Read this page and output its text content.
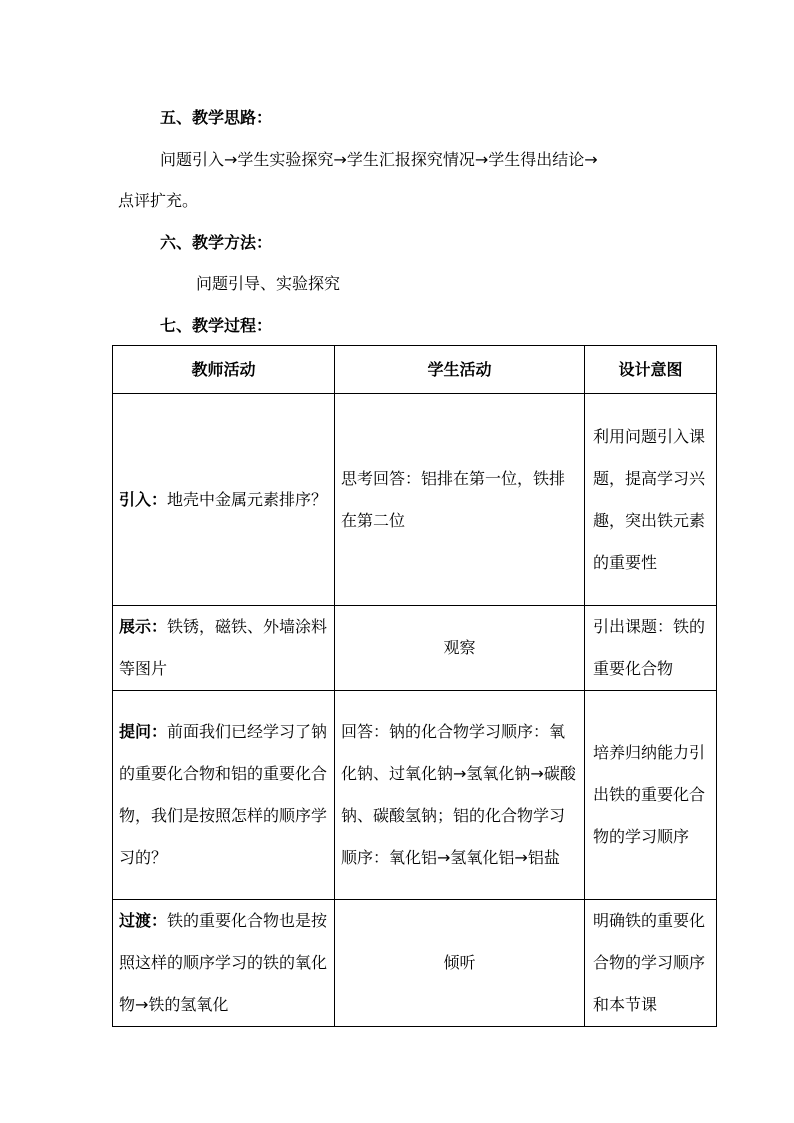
五、教学思路：
问题引入→学生实验探究→学生汇报探究情况→学生得出结论→
点评扩充。
六、教学方法：
问题引导、实验探究
七、教学过程：
教师活动	学生活动	设计意图
引入：地壳中金属元素排序？	思考回答：铝排在第一位，铁排在第二位	利用问题引入课题，提高学习兴趣，突出铁元素的重要性
展示：铁锈，磁铁、外墙涂料等图片	观察	引出课题：铁的重要化合物
提问：前面我们已经学习了钠的重要化合物和铝的重要化合物，我们是按照怎样的顺序学习的？	回答：钠的化合物学习顺序：氧化钠、过氧化钠→氢氧化钠→碳酸钠、碳酸氢钠；铝的化合物学习顺序：氧化铝→氢氧化铝→铝盐	培养归纳能力引出铁的重要化合物的学习顺序
过渡：铁的重要化合物也是按照这样的顺序学习的铁的氧化物→铁的氢氧化	倾听	明确铁的重要化合物的学习顺序和本节课
